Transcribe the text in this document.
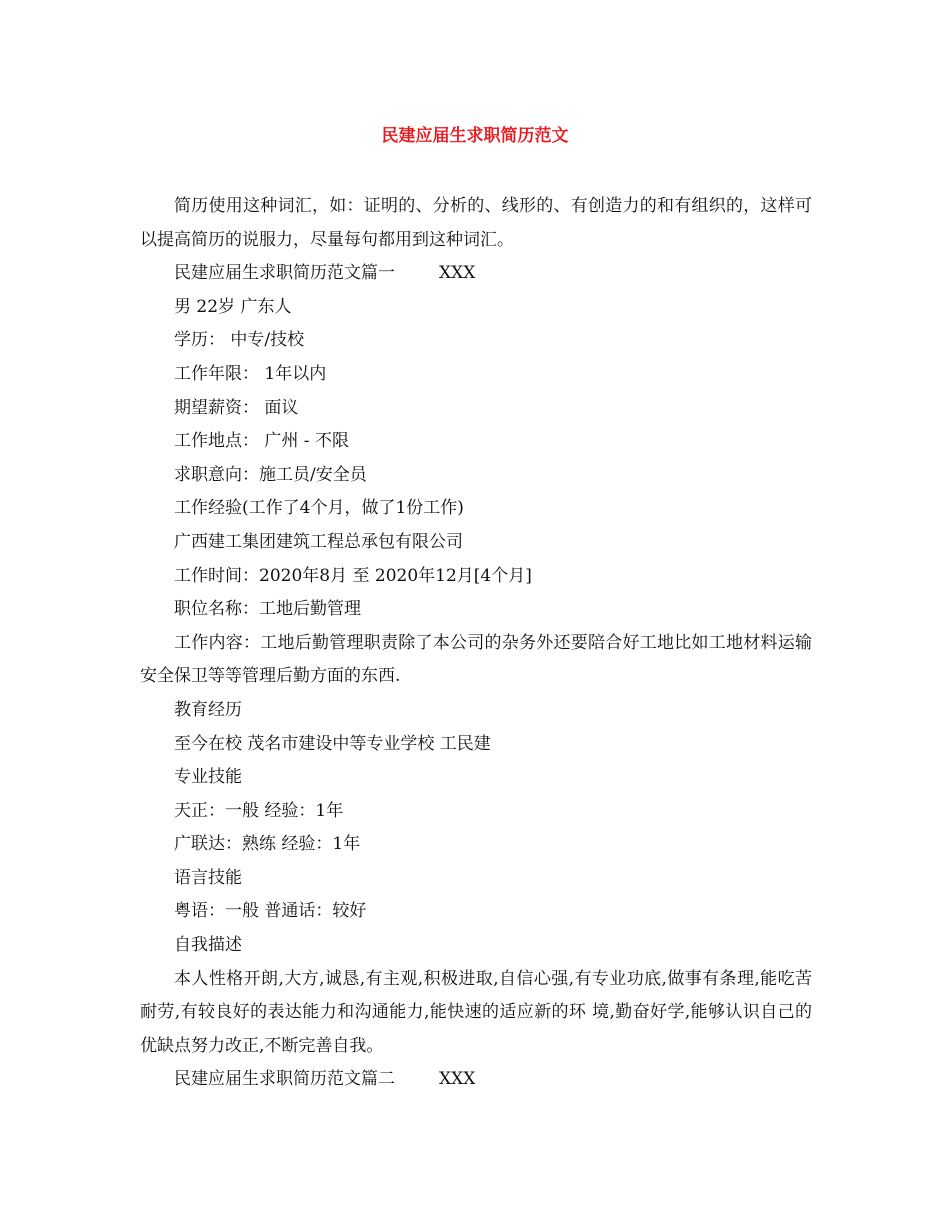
民建应届生求职简历范文

简历使用这种词汇，如：证明的、分析的、线形的、有创造力的和有组织的，这样可以提高简历的说服力，尽量每句都用到这种词汇。

民建应届生求职简历范文篇一	XXX

男 22岁 广东人

学历： 中专/技校

工作年限： 1年以内

期望薪资： 面议

工作地点： 广州 - 不限

求职意向：施工员/安全员

工作经验(工作了4个月，做了1份工作)

广西建工集团建筑工程总承包有限公司

工作时间：2020年8月 至 2020年12月[4个月]

职位名称：工地后勤管理

工作内容：工地后勤管理职责除了本公司的杂务外还要陪合好工地比如工地材料运输安全保卫等等管理后勤方面的东西.

教育经历

至今在校 茂名市建设中等专业学校 工民建

专业技能

天正：一般 经验：1年

广联达：熟练 经验：1年

语言技能

粤语：一般 普通话：较好

自我描述

本人性格开朗,大方,诚恳,有主观,积极进取,自信心强,有专业功底,做事有条理,能吃苦耐劳,有较良好的表达能力和沟通能力,能快速的适应新的环 境,勤奋好学,能够认识自己的优缺点努力改正,不断完善自我。

民建应届生求职简历范文篇二	XXX
